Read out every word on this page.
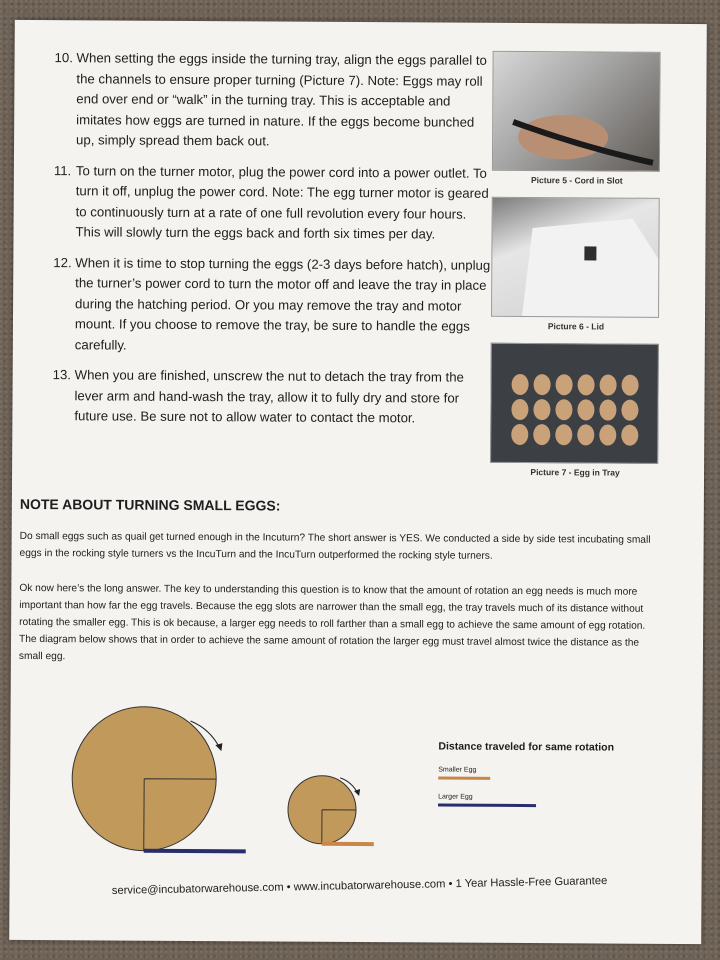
10. When setting the eggs inside the turning tray, align the eggs parallel to the channels to ensure proper turning (Picture 7). Note: Eggs may roll end over end or “walk” in the turning tray. This is acceptable and imitates how eggs are turned in nature. If the eggs become bunched up, simply spread them back out.
11. To turn on the turner motor, plug the power cord into a power outlet. To turn it off, unplug the power cord. Note: The egg turner motor is geared to continuously turn at a rate of one full revolution every four hours. This will slowly turn the eggs back and forth six times per day.
12. When it is time to stop turning the eggs (2-3 days before hatch), unplug the turner’s power cord to turn the motor off and leave the tray in place during the hatching period. Or you may remove the tray and motor mount. If you choose to remove the tray, be sure to handle the eggs carefully.
13. When you are finished, unscrew the nut to detach the tray from the lever arm and hand-wash the tray, allow it to fully dry and store for future use. Be sure not to allow water to contact the motor.
Picture 5 - Cord in Slot
Picture 6 - Lid
Picture 7 - Egg in Tray
NOTE ABOUT TURNING SMALL EGGS:
Do small eggs such as quail get turned enough in the Incuturn? The short answer is YES. We conducted a side by side test incubating small eggs in the rocking style turners vs the IncuTurn and the IncuTurn outperformed the rocking style turners.
Ok now here’s the long answer. The key to understanding this question is to know that the amount of rotation an egg needs is much more important than how far the egg travels. Because the egg slots are narrower than the small egg, the tray travels much of its distance without rotating the smaller egg. This is ok because, a larger egg needs to roll farther than a small egg to achieve the same amount of egg rotation. The diagram below shows that in order to achieve the same amount of rotation the larger egg must travel almost twice the distance as the small egg.
Distance traveled for same rotation
Smaller Egg
Larger Egg
service@incubatorwarehouse.com • www.incubatorwarehouse.com • 1 Year Hassle-Free Guarantee
